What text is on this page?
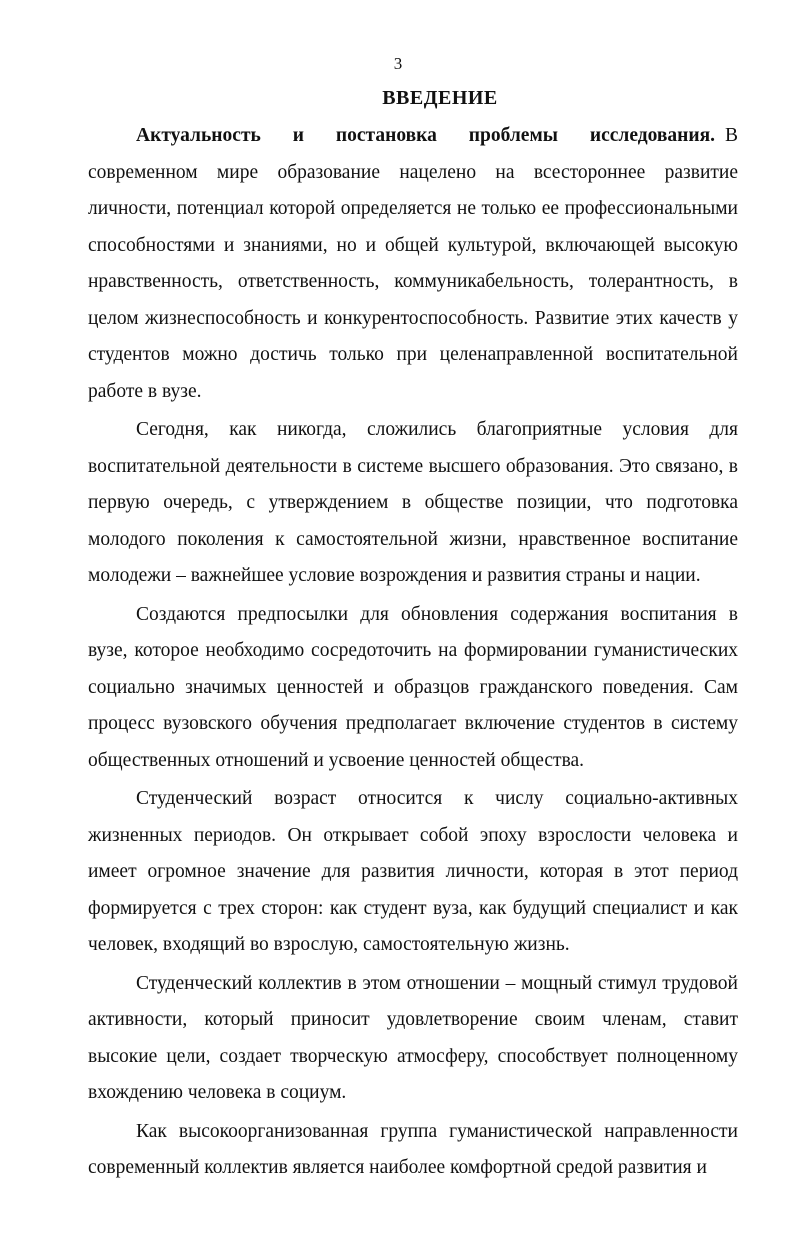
3
ВВЕДЕНИЕ

Актуальность и постановка проблемы исследования. В современном мире образование нацелено на всестороннее развитие личности, потенциал которой определяется не только ее профессиональными способностями и знаниями, но и общей культурой, включающей высокую нравственность, ответственность, коммуникабельность, толерантность, в целом жизнеспособность и конкурентоспособность. Развитие этих качеств у студентов можно достичь только при целенаправленной воспитательной работе в вузе.

Сегодня, как никогда, сложились благоприятные условия для воспитательной деятельности в системе высшего образования. Это связано, в первую очередь, с утверждением в обществе позиции, что подготовка молодого поколения к самостоятельной жизни, нравственное воспитание молодежи – важнейшее условие возрождения и развития страны и нации.

Создаются предпосылки для обновления содержания воспитания в вузе, которое необходимо сосредоточить на формировании гуманистических социально значимых ценностей и образцов гражданского поведения. Сам процесс вузовского обучения предполагает включение студентов в систему общественных отношений и усвоение ценностей общества.

Студенческий возраст относится к числу социально-активных жизненных периодов. Он открывает собой эпоху взрослости человека и имеет огромное значение для развития личности, которая в этот период формируется с трех сторон: как студент вуза, как будущий специалист и как человек, входящий во взрослую, самостоятельную жизнь.

Студенческий коллектив в этом отношении – мощный стимул трудовой активности, который приносит удовлетворение своим членам, ставит высокие цели, создает творческую атмосферу, способствует полноценному вхождению человека в социум.

Как высокоорганизованная группа гуманистической направленности современный коллектив является наиболее комфортной средой развития и
